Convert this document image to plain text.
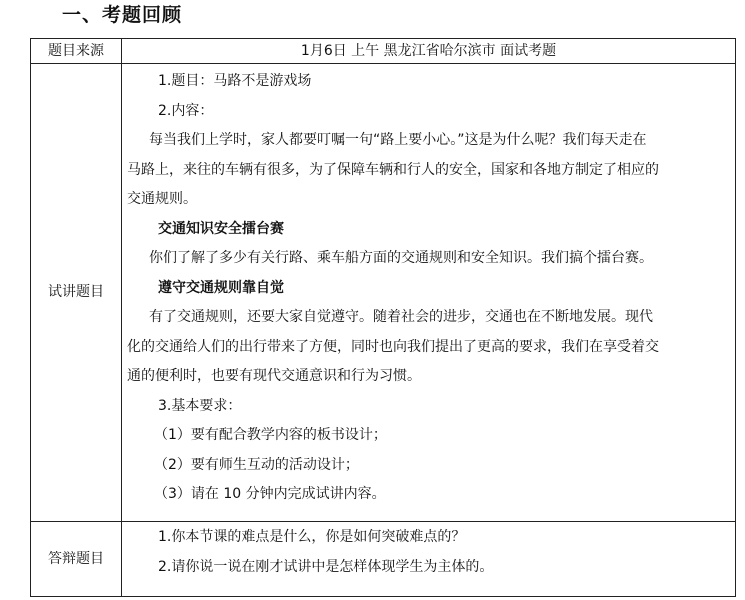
一、考题回顾
题目来源	1月6日 上午 黑龙江省哈尔滨市 面试考题
试讲题目
1.题目：马路不是游戏场
2.内容：
每当我们上学时，家人都要叮嘱一句“路上要小心。”这是为什么呢？我们每天走在
马路上，来往的车辆有很多，为了保障车辆和行人的安全，国家和各地方制定了相应的
交通规则。
交通知识安全擂台赛
你们了解了多少有关行路、乘车船方面的交通规则和安全知识。我们搞个擂台赛。
遵守交通规则靠自觉
有了交通规则，还要大家自觉遵守。随着社会的进步，交通也在不断地发展。现代
化的交通给人们的出行带来了方便，同时也向我们提出了更高的要求，我们在享受着交
通的便利时，也要有现代交通意识和行为习惯。
3.基本要求：
（1）要有配合教学内容的板书设计；
（2）要有师生互动的活动设计；
（3）请在 10 分钟内完成试讲内容。
答辩题目
1.你本节课的难点是什么，你是如何突破难点的？
2.请你说一说在刚才试讲中是怎样体现学生为主体的。
